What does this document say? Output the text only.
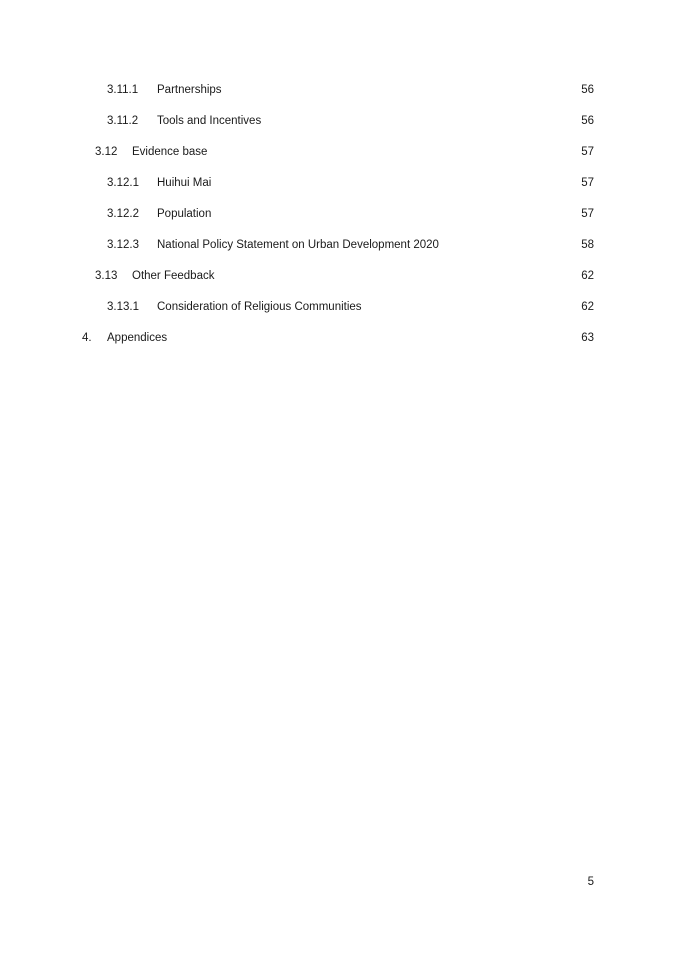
3.11.1 Partnerships	56
3.11.2 Tools and Incentives	56
3.12 Evidence base	57
3.12.1 Huihui Mai	57
3.12.2 Population	57
3.12.3 National Policy Statement on Urban Development 2020	58
3.13 Other Feedback	62
3.13.1 Consideration of Religious Communities	62
4. Appendices	63
5
